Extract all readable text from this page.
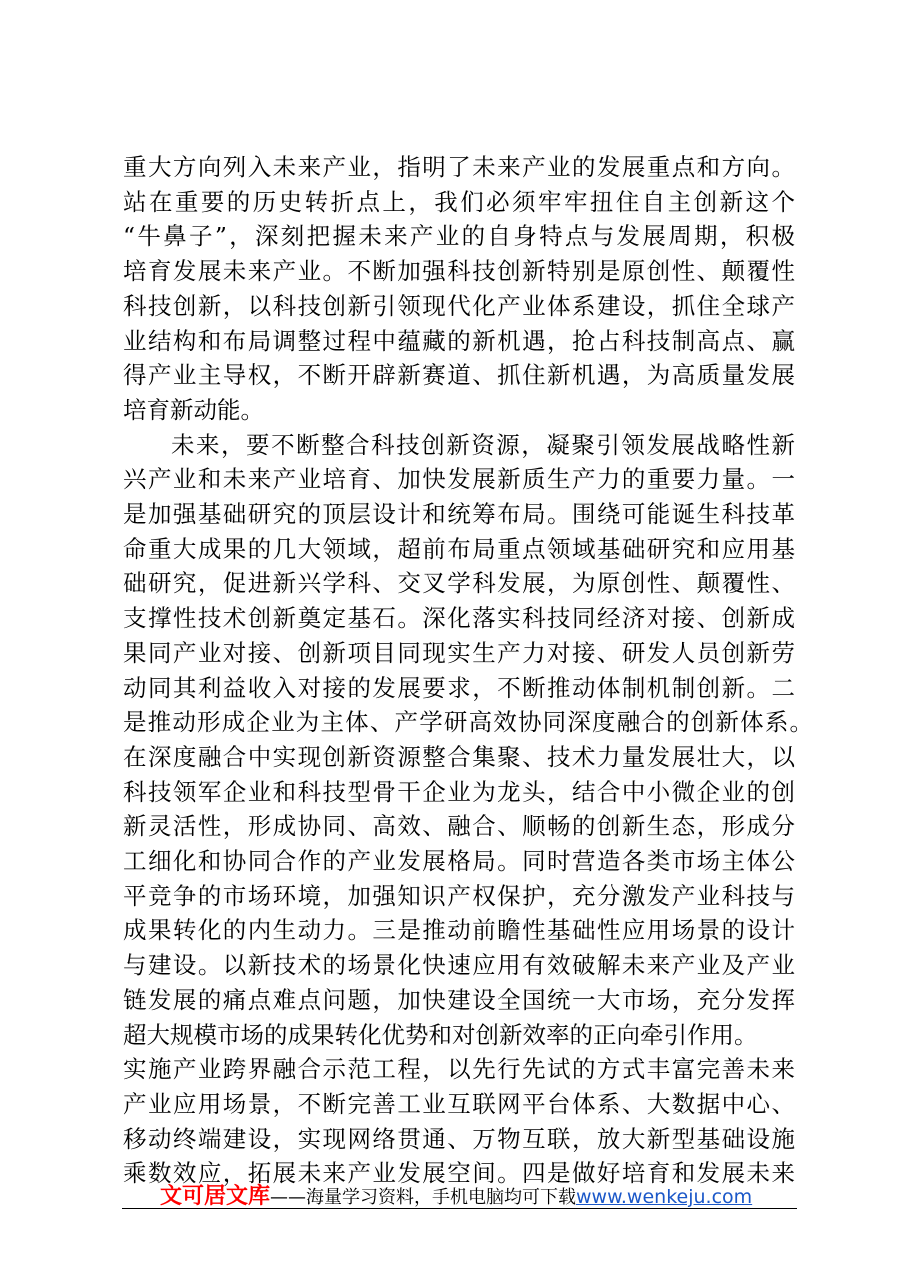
重大方向列入未来产业，指明了未来产业的发展重点和方向。
站在重要的历史转折点上，我们必须牢牢扭住自主创新这个
“牛鼻子”，深刻把握未来产业的自身特点与发展周期，积极
培育发展未来产业。不断加强科技创新特别是原创性、颠覆性
科技创新，以科技创新引领现代化产业体系建设，抓住全球产
业结构和布局调整过程中蕴藏的新机遇，抢占科技制高点、赢
得产业主导权，不断开辟新赛道、抓住新机遇，为高质量发展
培育新动能。
未来，要不断整合科技创新资源，凝聚引领发展战略性新
兴产业和未来产业培育、加快发展新质生产力的重要力量。一
是加强基础研究的顶层设计和统筹布局。围绕可能诞生科技革
命重大成果的几大领域，超前布局重点领域基础研究和应用基
础研究，促进新兴学科、交叉学科发展，为原创性、颠覆性、
支撑性技术创新奠定基石。深化落实科技同经济对接、创新成
果同产业对接、创新项目同现实生产力对接、研发人员创新劳
动同其利益收入对接的发展要求，不断推动体制机制创新。二
是推动形成企业为主体、产学研高效协同深度融合的创新体系。
在深度融合中实现创新资源整合集聚、技术力量发展壮大，以
科技领军企业和科技型骨干企业为龙头，结合中小微企业的创
新灵活性，形成协同、高效、融合、顺畅的创新生态，形成分
工细化和协同合作的产业发展格局。同时营造各类市场主体公
平竞争的市场环境，加强知识产权保护，充分激发产业科技与
成果转化的内生动力。三是推动前瞻性基础性应用场景的设计
与建设。以新技术的场景化快速应用有效破解未来产业及产业
链发展的痛点难点问题，加快建设全国统一大市场，充分发挥
超大规模市场的成果转化优势和对创新效率的正向牵引作用。
实施产业跨界融合示范工程，以先行先试的方式丰富完善未来
产业应用场景，不断完善工业互联网平台体系、大数据中心、
移动终端建设，实现网络贯通、万物互联，放大新型基础设施
乘数效应，拓展未来产业发展空间。四是做好培育和发展未来
文可居文库——海量学习资料，手机电脑均可下载www.wenkeju.com
